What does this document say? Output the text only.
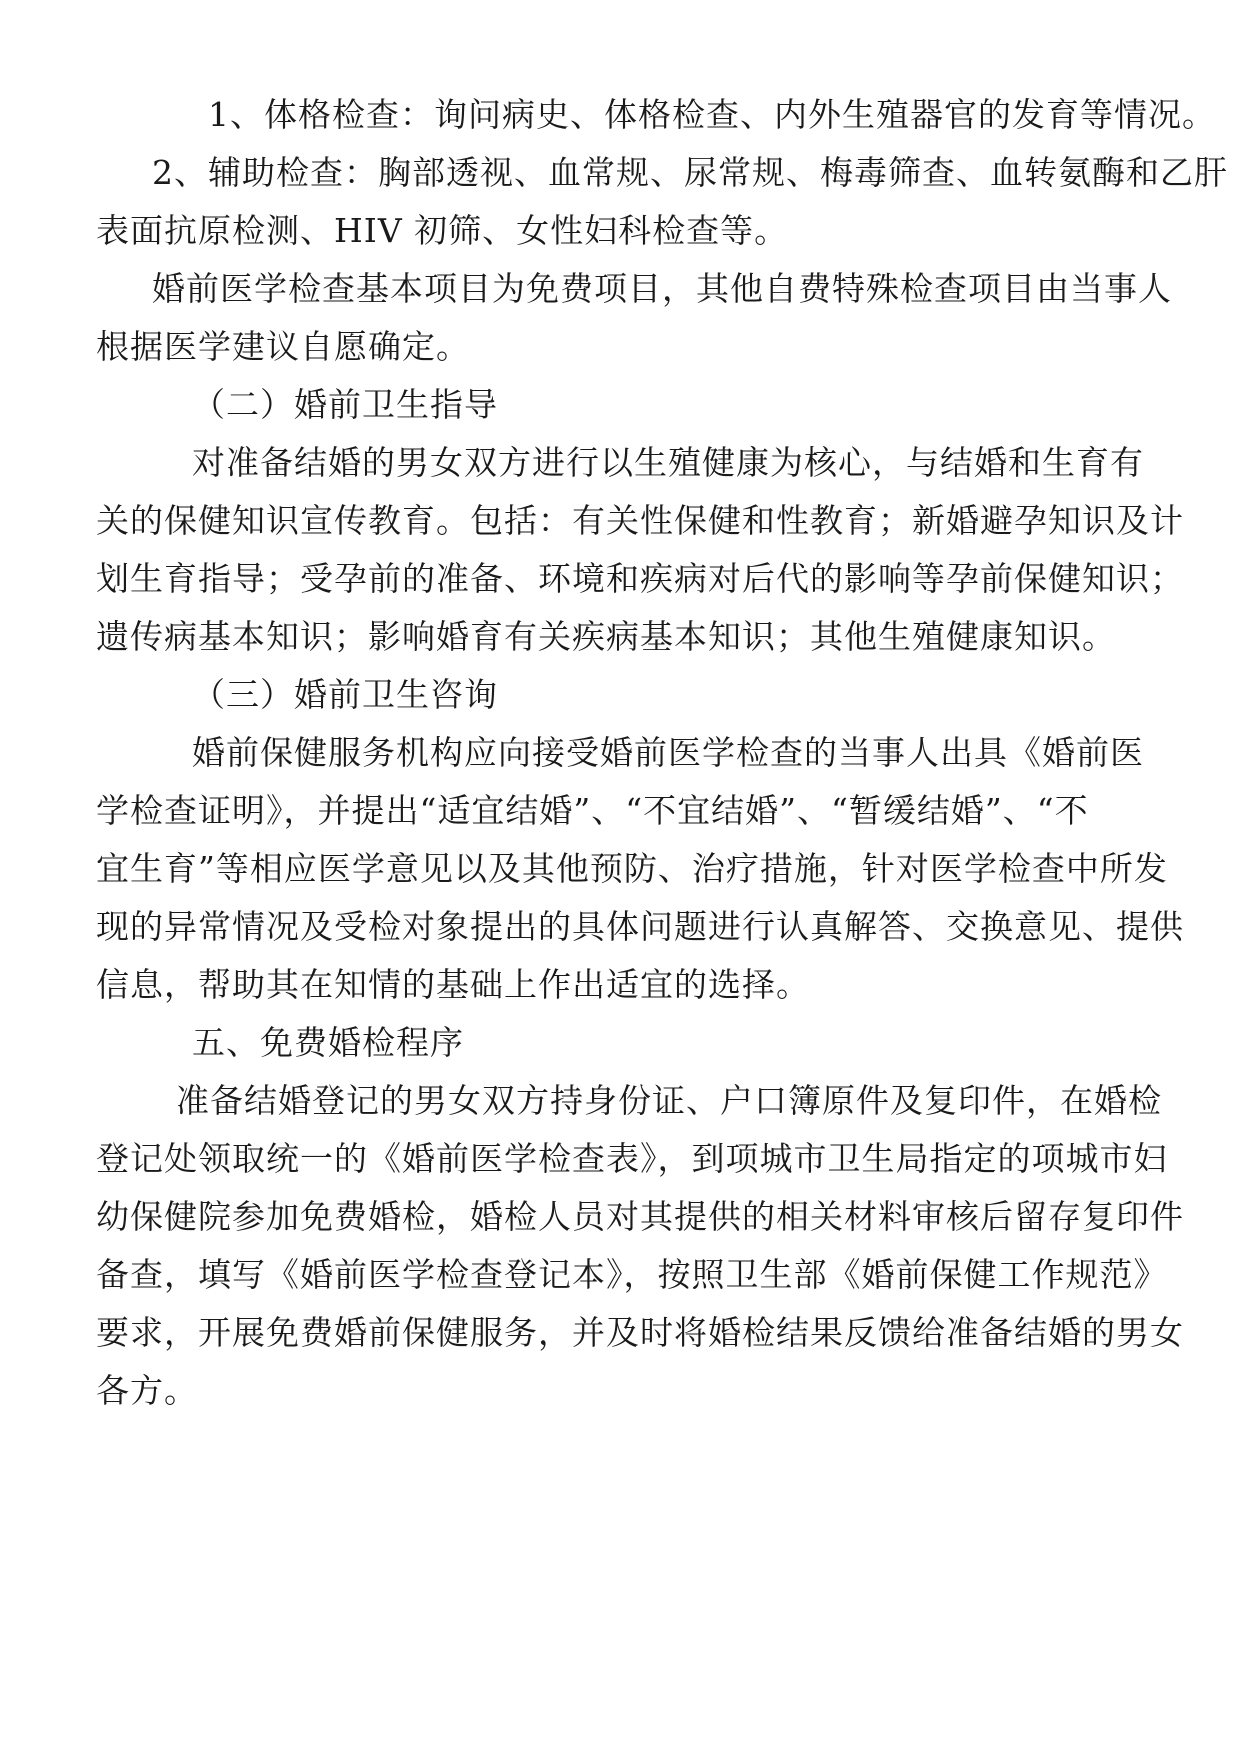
1、体格检查：询问病史、体格检查、内外生殖器官的发育等情况。
2、辅助检查：胸部透视、血常规、尿常规、梅毒筛查、血转氨酶和乙肝
表面抗原检测、HIV 初筛、女性妇科检查等。
婚前医学检查基本项目为免费项目，其他自费特殊检查项目由当事人
根据医学建议自愿确定。
（二）婚前卫生指导
对准备结婚的男女双方进行以生殖健康为核心，与结婚和生育有
关的保健知识宣传教育。包括：有关性保健和性教育；新婚避孕知识及计
划生育指导；受孕前的准备、环境和疾病对后代的影响等孕前保健知识；
遗传病基本知识；影响婚育有关疾病基本知识；其他生殖健康知识。
（三）婚前卫生咨询
婚前保健服务机构应向接受婚前医学检查的当事人出具《婚前医
学检查证明》，并提出“适宜结婚”、“不宜结婚”、“暂缓结婚”、“不
宜生育”等相应医学意见以及其他预防、治疗措施，针对医学检查中所发
现的异常情况及受检对象提出的具体问题进行认真解答、交换意见、提供
信息，帮助其在知情的基础上作出适宜的选择。
五、免费婚检程序
准备结婚登记的男女双方持身份证、户口簿原件及复印件，在婚检
登记处领取统一的《婚前医学检查表》，到项城市卫生局指定的项城市妇
幼保健院参加免费婚检，婚检人员对其提供的相关材料审核后留存复印件
备查，填写《婚前医学检查登记本》，按照卫生部《婚前保健工作规范》
要求，开展免费婚前保健服务，并及时将婚检结果反馈给准备结婚的男女
各方。
